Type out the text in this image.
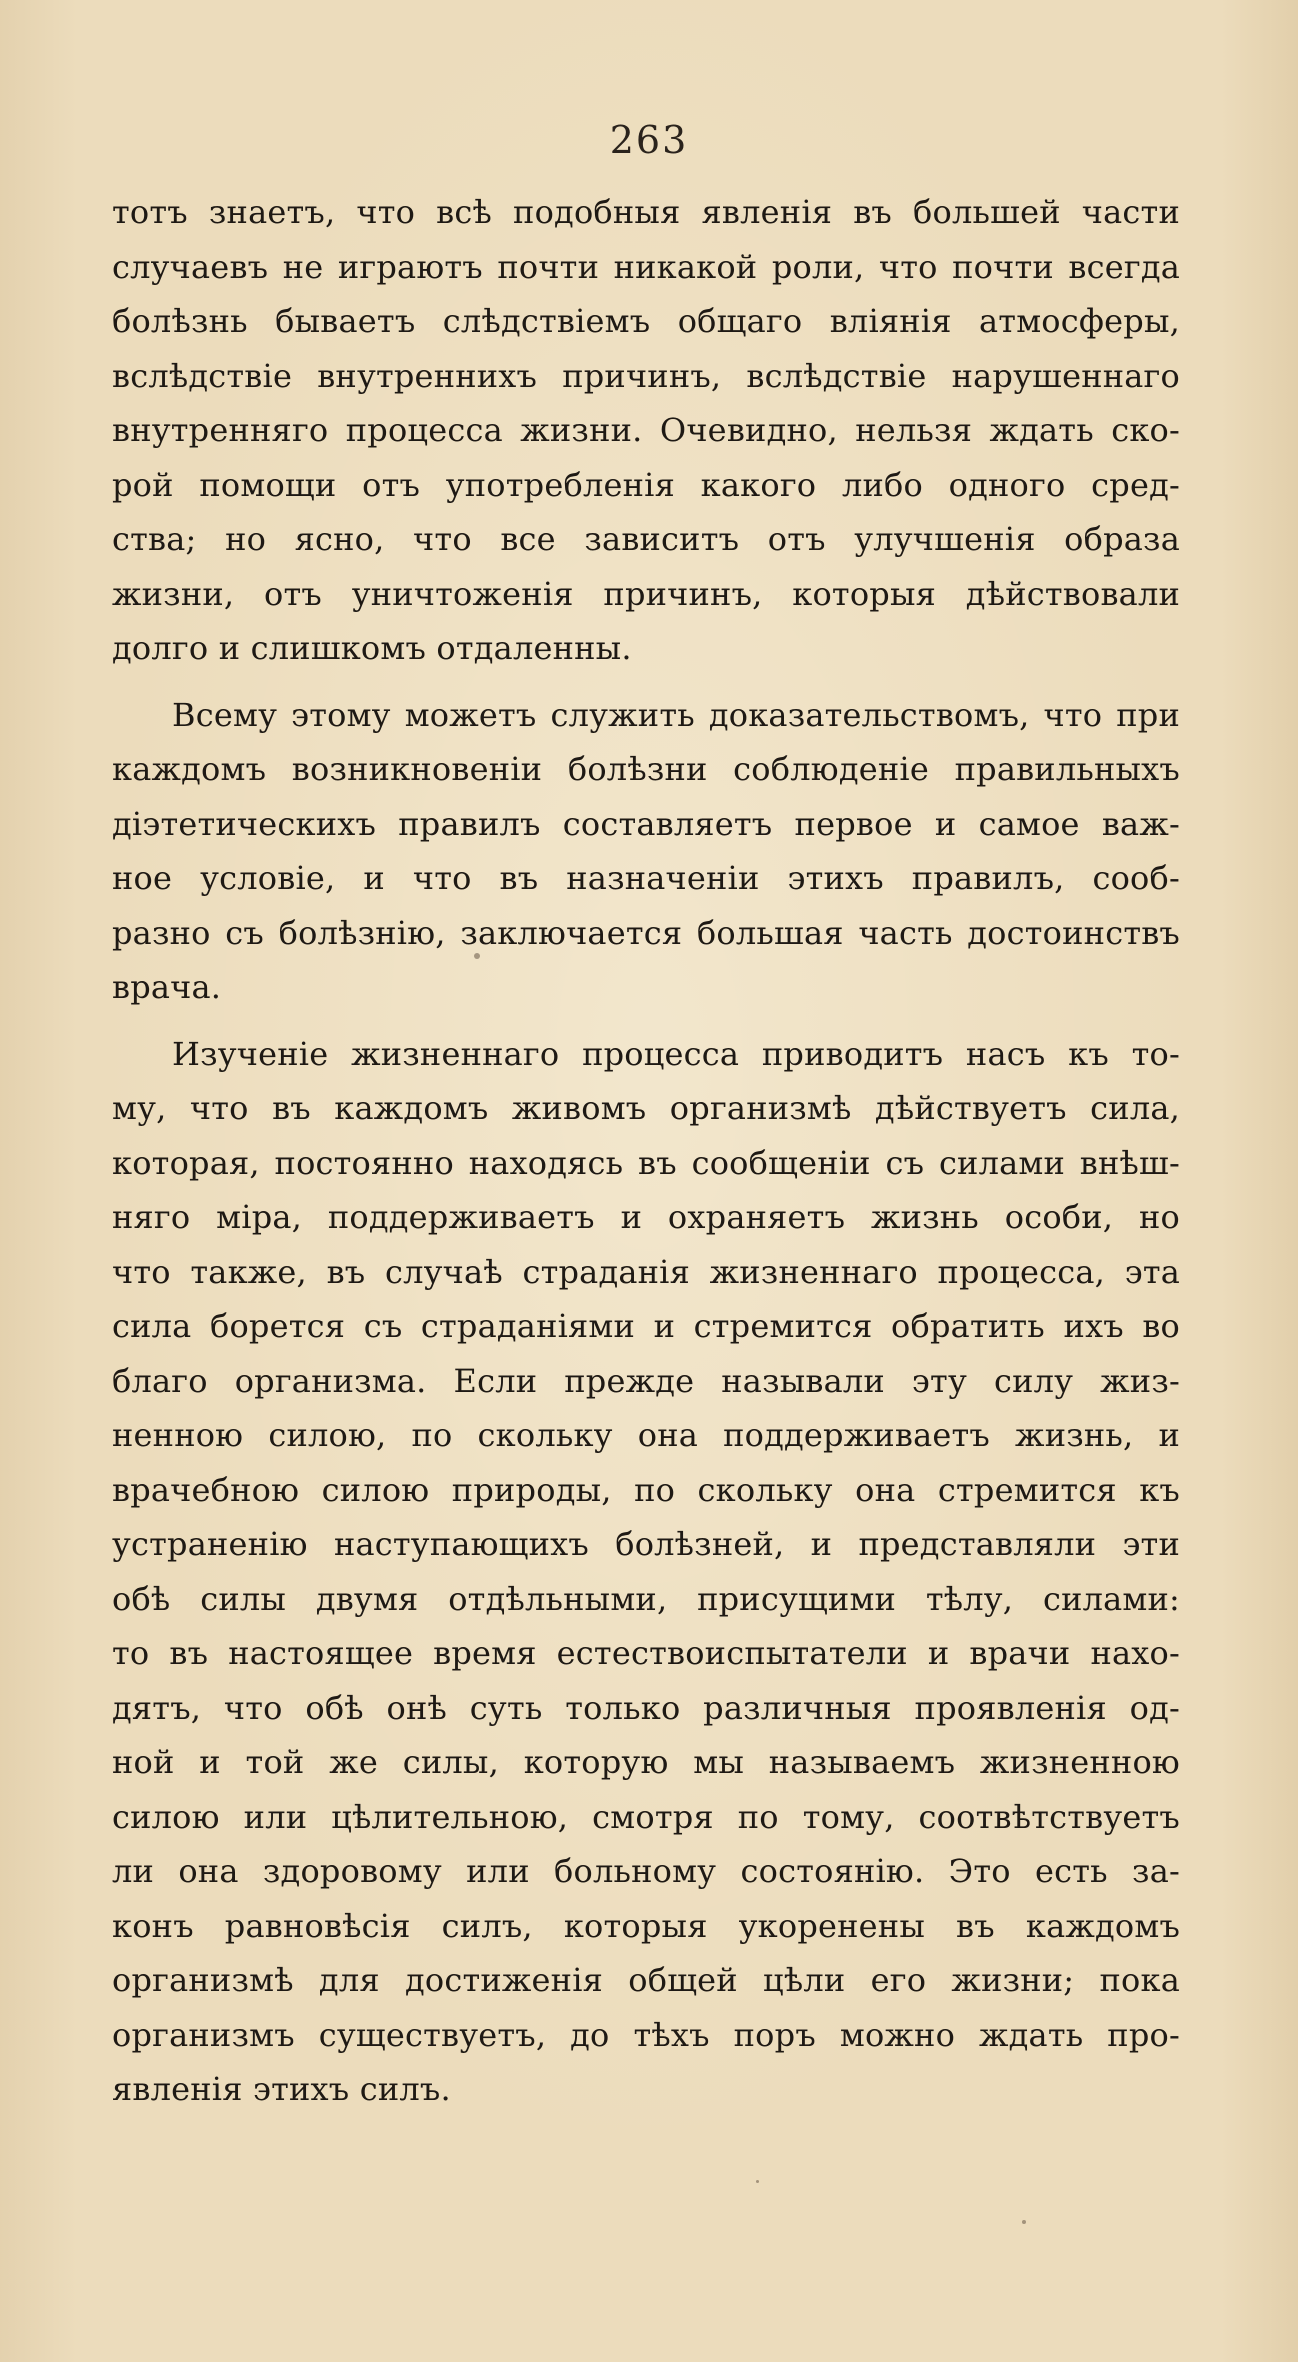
263
тотъ знаетъ, что всѣ подобныя явленія въ большей части
случаевъ не играютъ почти никакой роли, что почти всегда
болѣзнь бываетъ слѣдствіемъ общаго вліянія атмосферы,
вслѣдствіе внутреннихъ причинъ, вслѣдствіе нарушеннаго
внутренняго процесса жизни. Очевидно, нельзя ждать ско-
рой помощи отъ употребленія какого либо одного сред-
ства; но ясно, что все зависитъ отъ улучшенія образа
жизни, отъ уничтоженія причинъ, которыя дѣйствовали
долго и слишкомъ отдаленны.
Всему этому можетъ служить доказательствомъ, что при
каждомъ возникновеніи болѣзни соблюденіе правильныхъ
діэтетическихъ правилъ составляетъ первое и самое важ-
ное условіе, и что въ назначеніи этихъ правилъ, сооб-
разно съ болѣзнію, заключается большая часть достоинствъ
врача.
Изученіе жизненнаго процесса приводитъ насъ къ то-
му, что въ каждомъ живомъ организмѣ дѣйствуетъ сила,
которая, постоянно находясь въ сообщеніи съ силами внѣш-
няго міра, поддерживаетъ и охраняетъ жизнь особи, но
что также, въ случаѣ страданія жизненнаго процесса, эта
сила борется съ страданіями и стремится обратить ихъ во
благо организма. Если прежде называли эту силу жиз-
ненною силою, по скольку она поддерживаетъ жизнь, и
врачебною силою природы, по скольку она стремится къ
устраненію наступающихъ болѣзней, и представляли эти
обѣ силы двумя отдѣльными, присущими тѣлу, силами:
то въ настоящее время естествоиспытатели и врачи нахо-
дятъ, что обѣ онѣ суть только различныя проявленія од-
ной и той же силы, которую мы называемъ жизненною
силою или цѣлительною, смотря по тому, соотвѣтствуетъ
ли она здоровому или больному состоянію. Это есть за-
конъ равновѣсія силъ, которыя укоренены въ каждомъ
организмѣ для достиженія общей цѣли его жизни; пока
организмъ существуетъ, до тѣхъ поръ можно ждать про-
явленія этихъ силъ.
